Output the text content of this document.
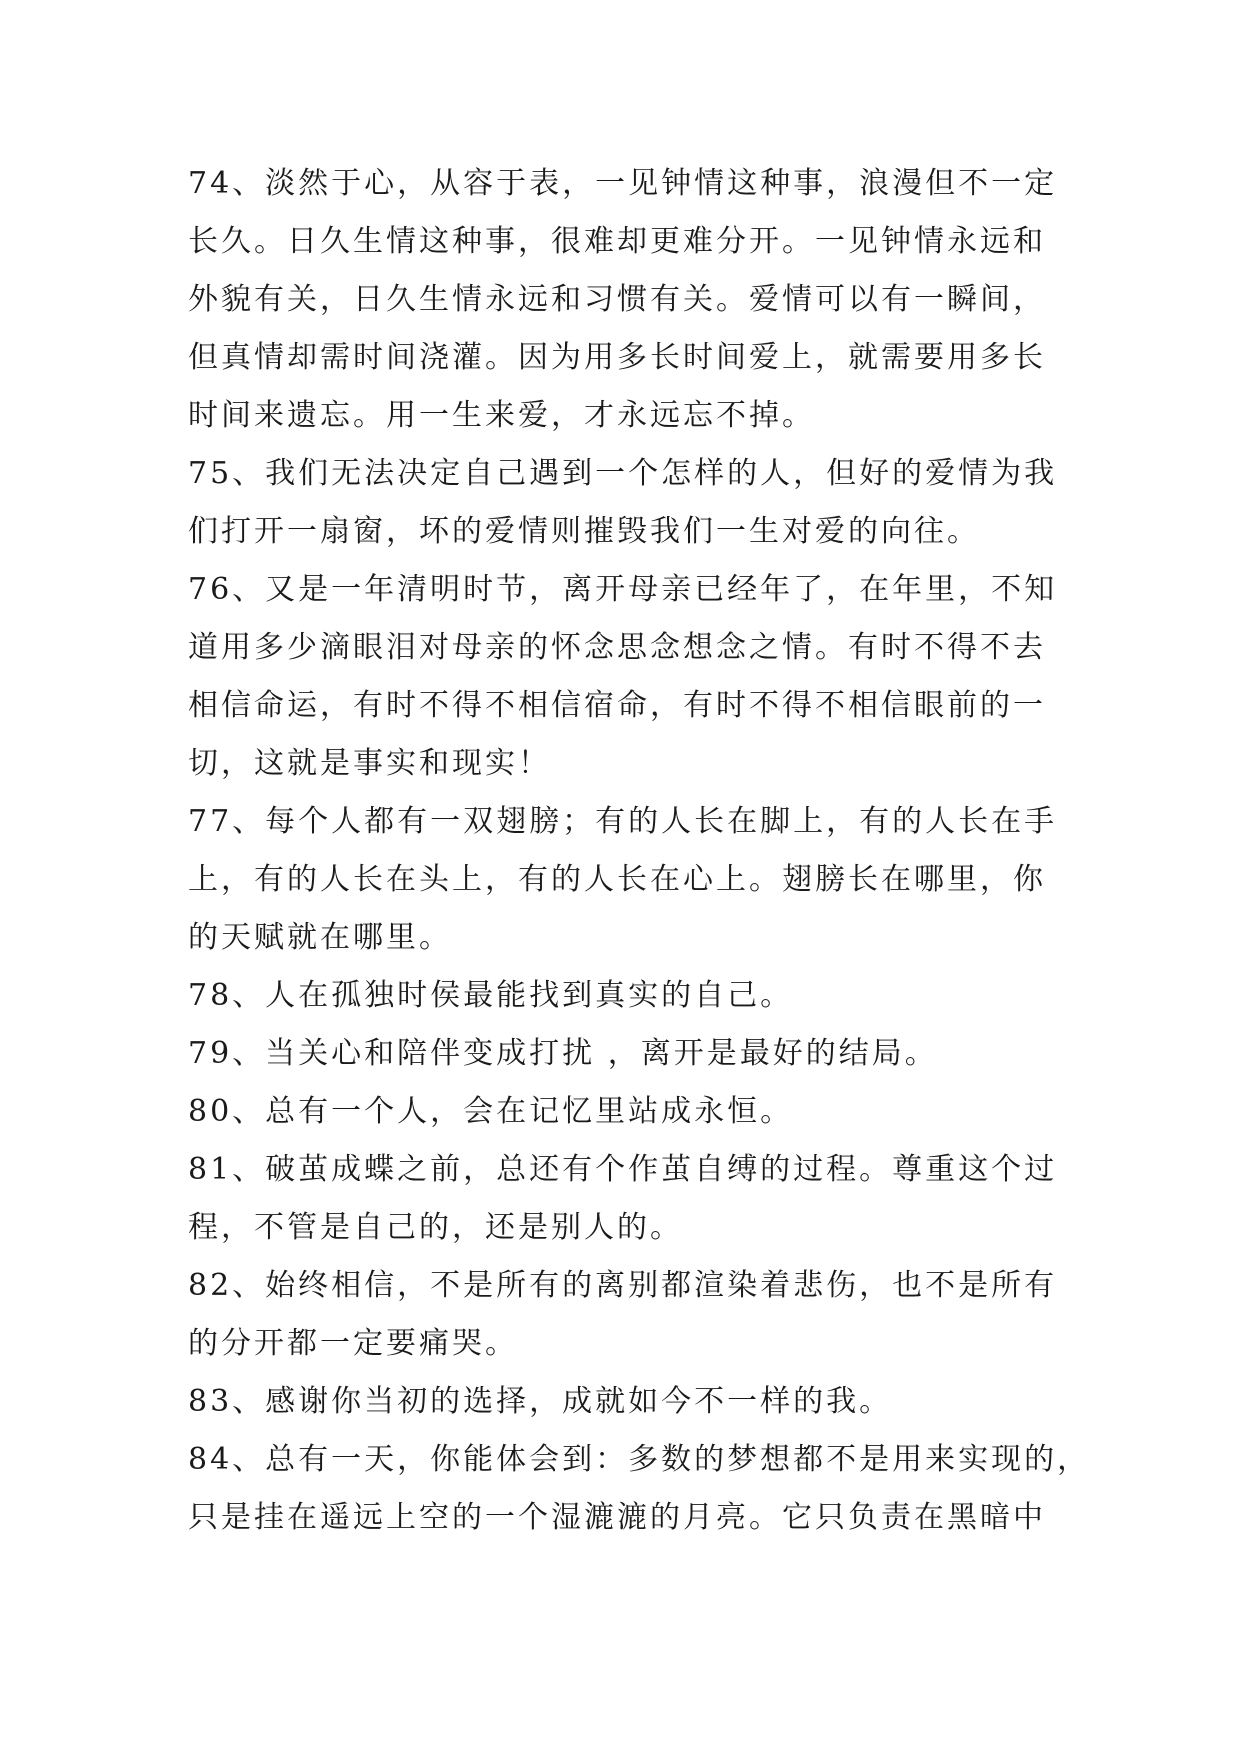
74、淡然于心，从容于表，一见钟情这种事，浪漫但不一定
长久。日久生情这种事，很难却更难分开。一见钟情永远和
外貌有关，日久生情永远和习惯有关。爱情可以有一瞬间，
但真情却需时间浇灌。因为用多长时间爱上，就需要用多长
时间来遗忘。用一生来爱，才永远忘不掉。
75、我们无法决定自己遇到一个怎样的人，但好的爱情为我
们打开一扇窗，坏的爱情则摧毁我们一生对爱的向往。
76、又是一年清明时节，离开母亲已经年了，在年里，不知
道用多少滴眼泪对母亲的怀念思念想念之情。有时不得不去
相信命运，有时不得不相信宿命，有时不得不相信眼前的一
切，这就是事实和现实！
77、每个人都有一双翅膀；有的人长在脚上，有的人长在手
上，有的人长在头上，有的人长在心上。翅膀长在哪里，你
的天赋就在哪里。
78、人在孤独时侯最能找到真实的自己。
79、当关心和陪伴变成打扰 ，离开是最好的结局。
80、总有一个人，会在记忆里站成永恒。
81、破茧成蝶之前，总还有个作茧自缚的过程。尊重这个过
程，不管是自己的，还是别人的。
82、始终相信，不是所有的离别都渲染着悲伤，也不是所有
的分开都一定要痛哭。
83、感谢你当初的选择，成就如今不一样的我。
84、总有一天，你能体会到：多数的梦想都不是用来实现的，
只是挂在遥远上空的一个湿漉漉的月亮。它只负责在黑暗中
